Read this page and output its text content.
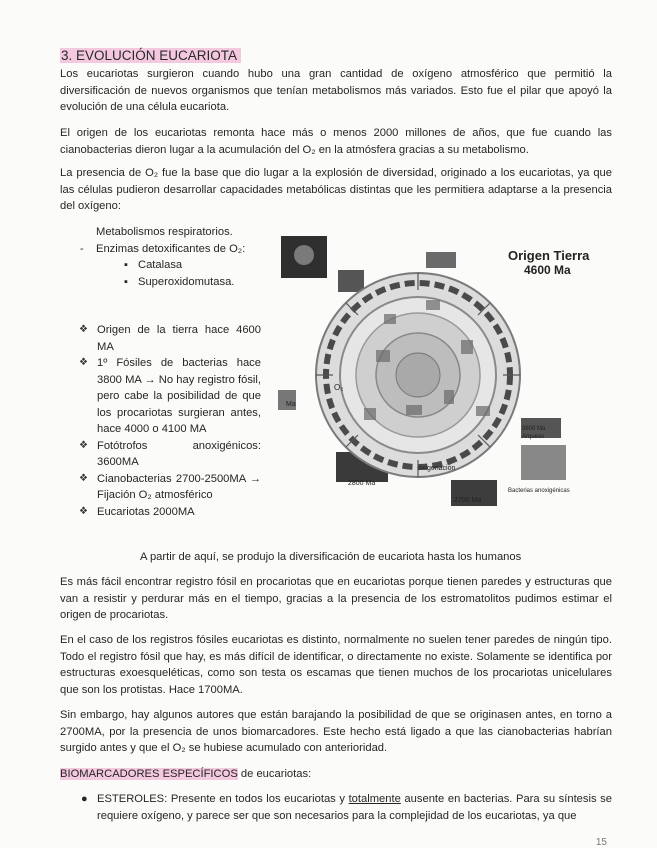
3. EVOLUCIÓN EUCARIOTA
Los eucariotas surgieron cuando hubo una gran cantidad de oxígeno atmosférico que permitió la diversificación de nuevos organismos que tenían metabolismos más variados. Esto fue el pilar que apoyó la evolución de una célula eucariota.
El origen de los eucariotas remonta hace más o menos 2000 millones de años, que fue cuando las cianobacterias dieron lugar a la acumulación del O₂ en la atmósfera gracias a su metabolismo.
La presencia de O₂ fue la base que dio lugar a la explosión de diversidad, originado a los eucariotas, ya que las células pudieron desarrollar capacidades metabólicas distintas que les permitiera adaptarse a la presencia del oxígeno:
Metabolismos respiratorios.
- Enzimas detoxificantes de O₂:
▪ Catalasa
▪ Superoxidomutasa.
❖ Origen de la tierra hace 4600 MA
❖ 1º Fósiles de bacterias hace 3800 MA → No hay registro fósil, pero cabe la posibilidad de que los procariotas surgieran antes, hace 4000 o 4100 MA
❖ Fotótrofos anoxigénicos: 3600MA
❖ Cianobacterias 2700-2500MA → Fijación O₂ atmosférico
❖ Eucariotas 2000MA
Origen Tierra
4600 Ma
O₂
Ma
2800 Ma
oxigenación
2700 Ma
3800 Ma
Arqueas
Bacterias anoxigénicas
A partir de aquí, se produjo la diversificación de eucariota hasta los humanos
Es más fácil encontrar registro fósil en procariotas que en eucariotas porque tienen paredes y estructuras que van a resistir y perdurar más en el tiempo, gracias a la presencia de los estromatolitos pudimos estimar el origen de procariotas.
En el caso de los registros fósiles eucariotas es distinto, normalmente no suelen tener paredes de ningún tipo. Todo el registro fósil que hay, es más difícil de identificar, o directamente no existe. Solamente se identifica por estructuras exoesqueléticas, como son testa os escamas que tienen muchos de los procariotas unicelulares que son los protistas. Hace 1700MA.
Sin embargo, hay algunos autores que están barajando la posibilidad de que se originasen antes, en torno a 2700MA, por la presencia de unos biomarcadores. Este hecho está ligado a que las cianobacterias habrían surgido antes y que el O₂ se hubiese acumulado con anterioridad.
BIOMARCADORES ESPECÍFICOS de eucariotas:
● ESTEROLES: Presente en todos los eucariotas y totalmente ausente en bacterias. Para su síntesis se requiere oxígeno, y parece ser que son necesarios para la complejidad de los eucariotas, ya que
15
